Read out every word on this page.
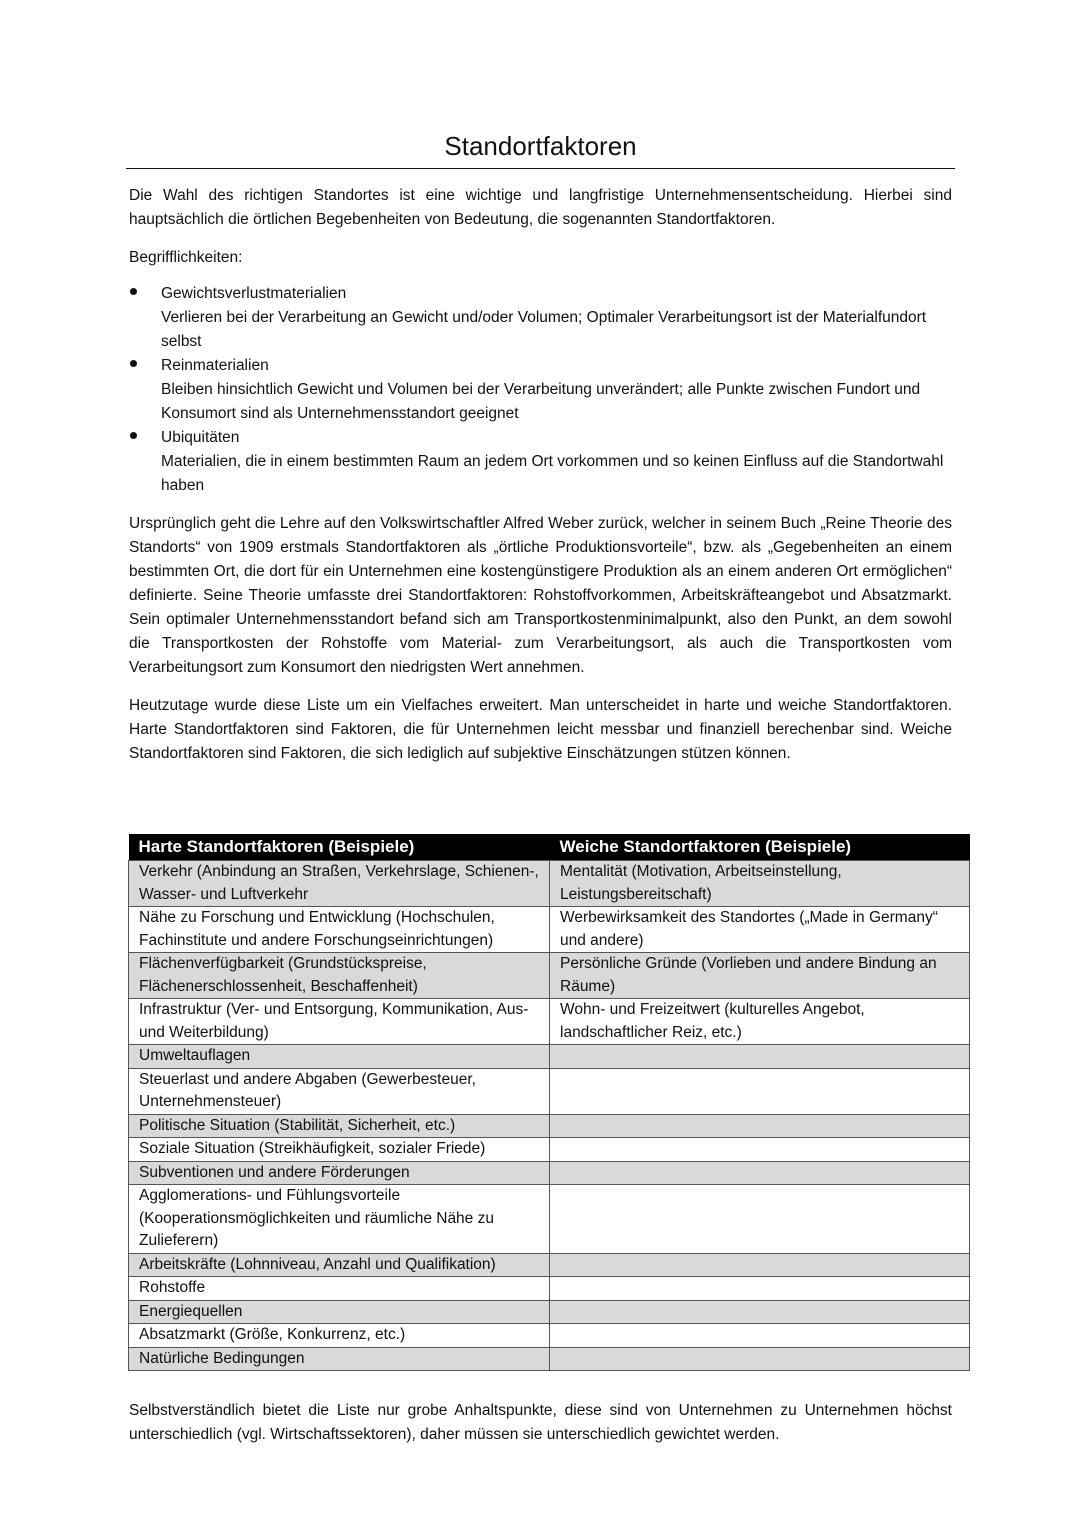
Standortfaktoren

Die Wahl des richtigen Standortes ist eine wichtige und langfristige Unternehmensentscheidung. Hierbei sind hauptsächlich die örtlichen Begebenheiten von Bedeutung, die sogenannten Standortfaktoren.

Begrifflichkeiten:

Gewichtsverlustmaterialien
Verlieren bei der Verarbeitung an Gewicht und/oder Volumen; Optimaler Verarbeitungsort ist der Materialfundort selbst
Reinmaterialien
Bleiben hinsichtlich Gewicht und Volumen bei der Verarbeitung unverändert; alle Punkte zwischen Fundort und Konsumort sind als Unternehmensstandort geeignet
Ubiquitäten
Materialien, die in einem bestimmten Raum an jedem Ort vorkommen und so keinen Einfluss auf die Standortwahl haben

Ursprünglich geht die Lehre auf den Volkswirtschaftler Alfred Weber zurück, welcher in seinem Buch „Reine Theorie des Standorts“ von 1909 erstmals Standortfaktoren als „örtliche Produktionsvorteile“, bzw. als „Gegebenheiten an einem bestimmten Ort, die dort für ein Unternehmen eine kostengünstigere Produktion als an einem anderen Ort ermöglichen“ definierte. Seine Theorie umfasste drei Standortfaktoren: Rohstoffvorkommen, Arbeitskräfteangebot und Absatzmarkt. Sein optimaler Unternehmensstandort befand sich am Transportkostenminimalpunkt, also den Punkt, an dem sowohl die Transportkosten der Rohstoffe vom Material- zum Verarbeitungsort, als auch die Transportkosten vom Verarbeitungsort zum Konsumort den niedrigsten Wert annehmen.

Heutzutage wurde diese Liste um ein Vielfaches erweitert. Man unterscheidet in harte und weiche Standortfaktoren. Harte Standortfaktoren sind Faktoren, die für Unternehmen leicht messbar und finanziell berechenbar sind. Weiche Standortfaktoren sind Faktoren, die sich lediglich auf subjektive Einschätzungen stützen können.

Harte Standortfaktoren (Beispiele)	Weiche Standortfaktoren (Beispiele)
Verkehr (Anbindung an Straßen, Verkehrslage, Schienen-, Wasser- und Luftverkehr	Mentalität (Motivation, Arbeitseinstellung, Leistungsbereitschaft)
Nähe zu Forschung und Entwicklung (Hochschulen, Fachinstitute und andere Forschungseinrichtungen)	Werbewirksamkeit des Standortes („Made in Germany“ und andere)
Flächenverfügbarkeit (Grundstückspreise, Flächenerschlossenheit, Beschaffenheit)	Persönliche Gründe (Vorlieben und andere Bindung an Räume)
Infrastruktur (Ver- und Entsorgung, Kommunikation, Aus- und Weiterbildung)	Wohn- und Freizeitwert (kulturelles Angebot, landschaftlicher Reiz, etc.)
Umweltauflagen	
Steuerlast und andere Abgaben (Gewerbesteuer, Unternehmensteuer)	
Politische Situation (Stabilität, Sicherheit, etc.)	
Soziale Situation (Streikhäufigkeit, sozialer Friede)	
Subventionen und andere Förderungen	
Agglomerations- und Fühlungsvorteile (Kooperationsmöglichkeiten und räumliche Nähe zu Zulieferern)	
Arbeitskräfte (Lohnniveau, Anzahl und Qualifikation)	
Rohstoffe	
Energiequellen	
Absatzmarkt (Größe, Konkurrenz, etc.)	
Natürliche Bedingungen	

Selbstverständlich bietet die Liste nur grobe Anhaltspunkte, diese sind von Unternehmen zu Unternehmen höchst unterschiedlich (vgl. Wirtschaftssektoren), daher müssen sie unterschiedlich gewichtet werden.
